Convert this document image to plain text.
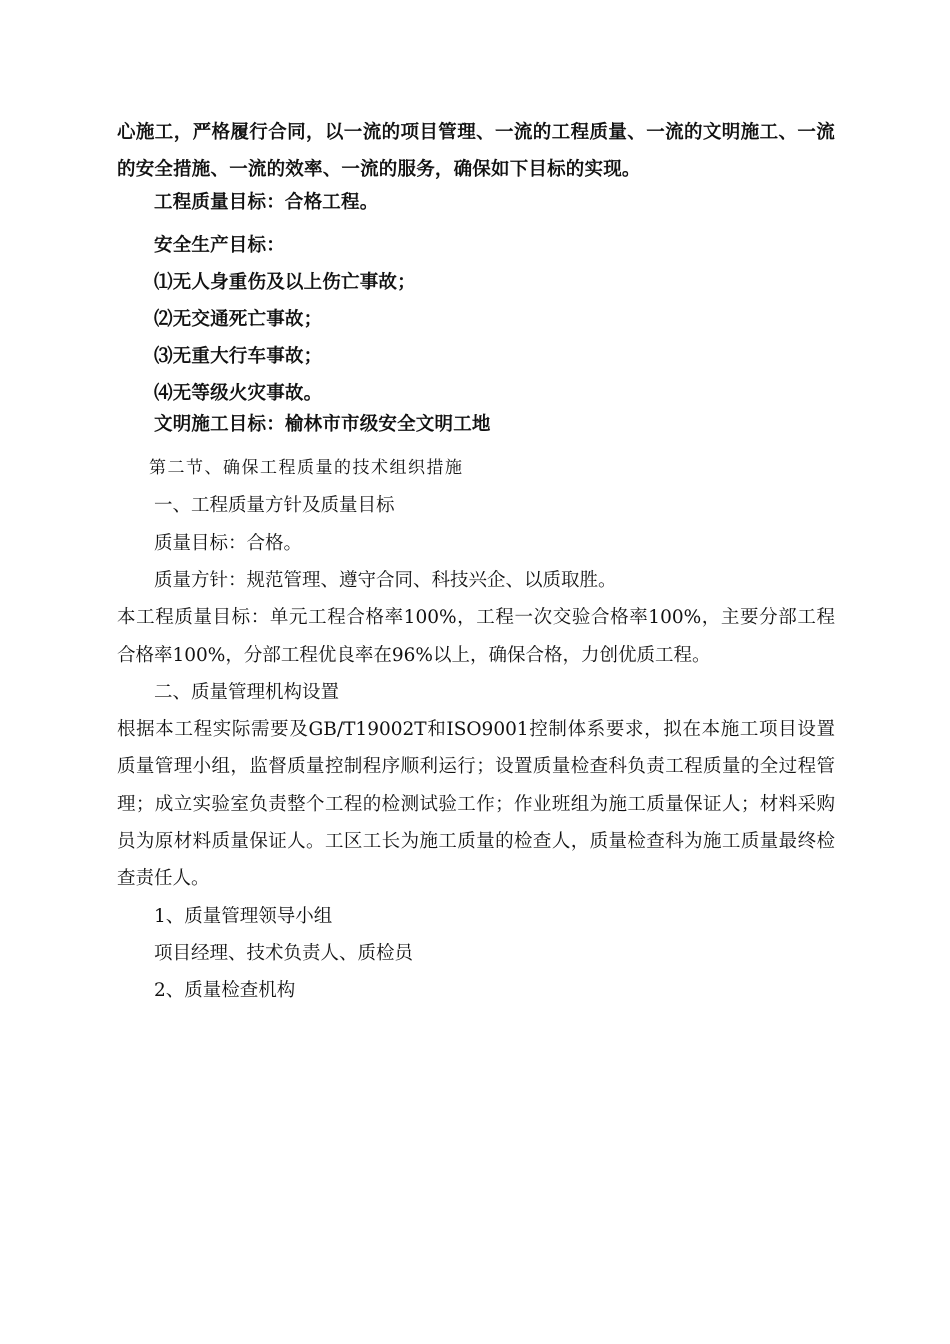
心施工，严格履行合同，以一流的项目管理、一流的工程质量、一流的文明施工、一流
的安全措施、一流的效率、一流的服务，确保如下目标的实现。
工程质量目标：合格工程。
安全生产目标：
⑴无人身重伤及以上伤亡事故；
⑵无交通死亡事故；
⑶无重大行车事故；
⑷无等级火灾事故。
文明施工目标：榆林市市级安全文明工地
第二节、确保工程质量的技术组织措施
一、工程质量方针及质量目标
质量目标：合格。
质量方针：规范管理、遵守合同、科技兴企、以质取胜。
本工程质量目标：单元工程合格率100%，工程一次交验合格率100%，主要分部工程
合格率100%，分部工程优良率在96%以上，确保合格，力创优质工程。
二、质量管理机构设置
根据本工程实际需要及GB/T19002T和ISO9001控制体系要求，拟在本施工项目设置
质量管理小组，监督质量控制程序顺利运行；设置质量检查科负责工程质量的全过程管
理；成立实验室负责整个工程的检测试验工作；作业班组为施工质量保证人；材料采购
员为原材料质量保证人。工区工长为施工质量的检查人，质量检查科为施工质量最终检
查责任人。
1、质量管理领导小组
项目经理、技术负责人、质检员
2、质量检查机构
